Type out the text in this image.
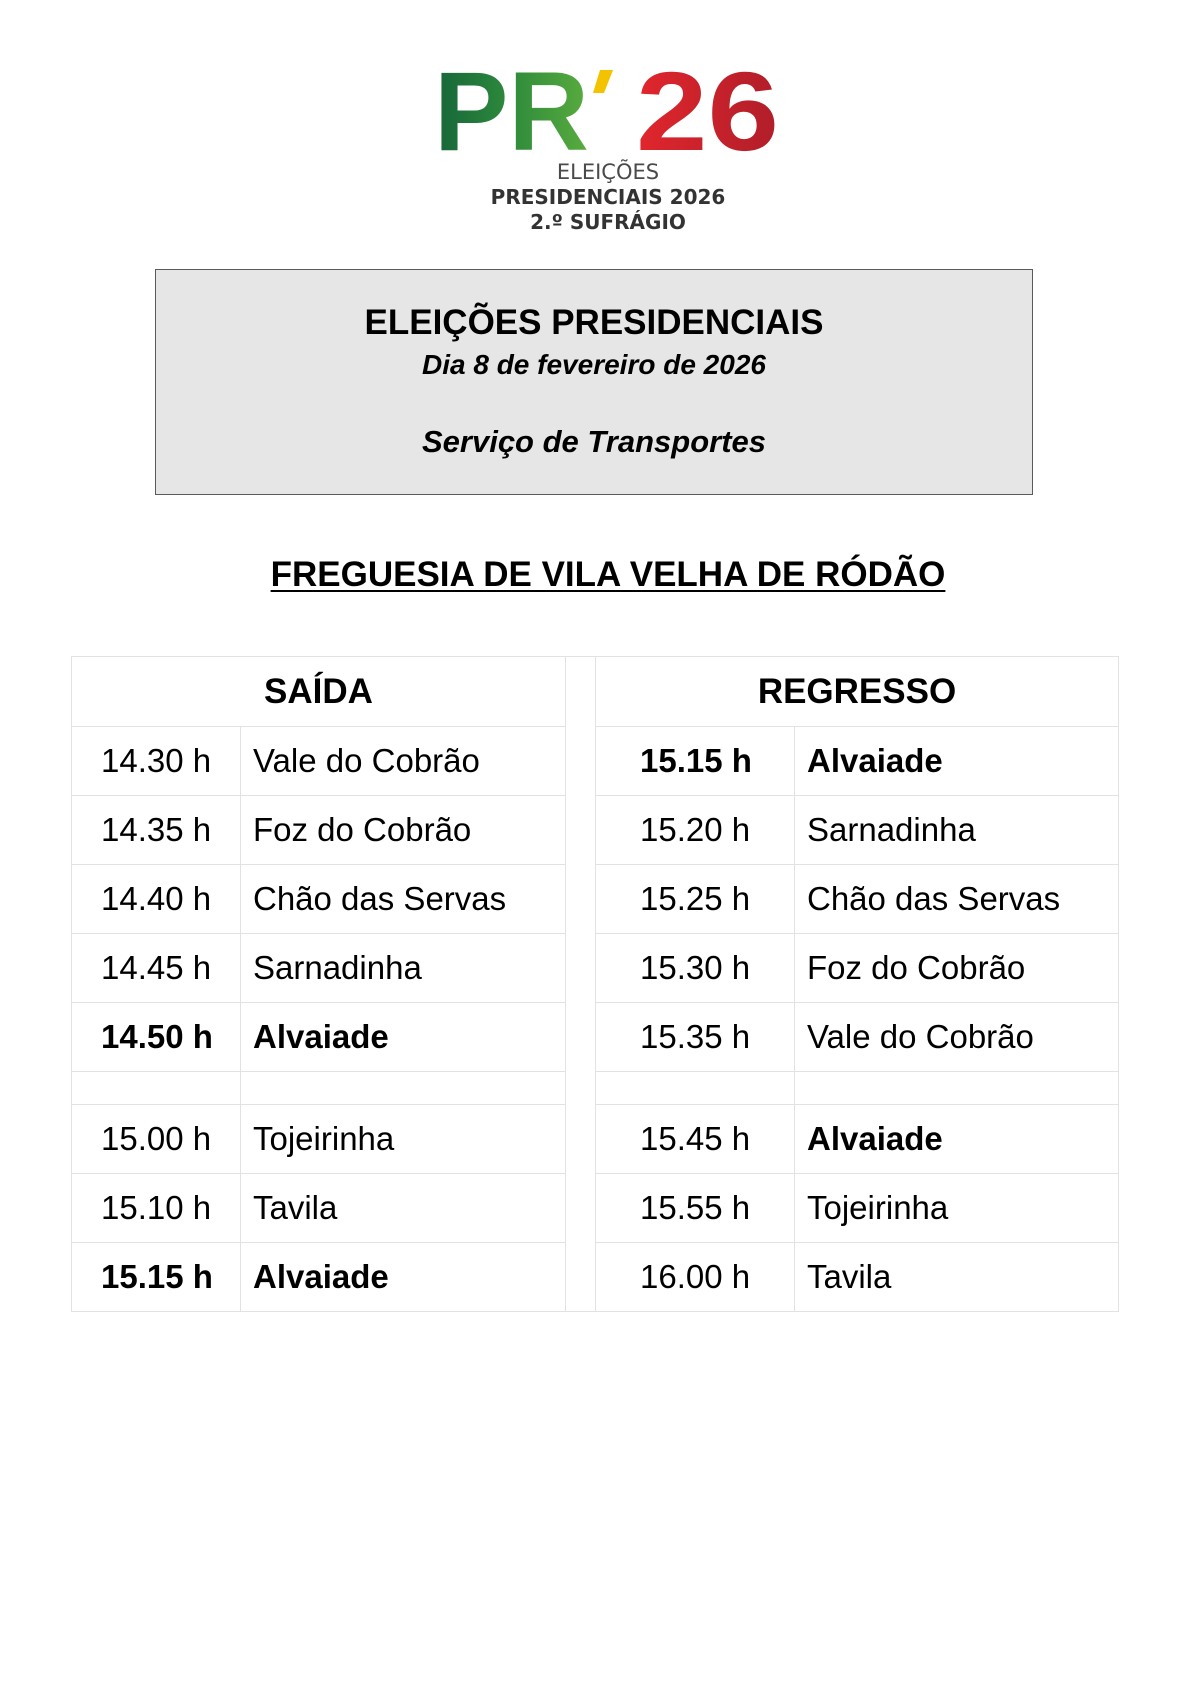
PR 26
ELEIÇÕES
PRESIDENCIAIS 2026
2.º SUFRÁGIO
ELEIÇÕES PRESIDENCIAIS
Dia 8 de fevereiro de 2026
Serviço de Transportes
FREGUESIA DE VILA VELHA DE RÓDÃO
SAÍDA			REGRESSO	
14.30 h	Vale do Cobrão		15.15 h	Alvaiade
14.35 h	Foz do Cobrão		15.20 h	Sarnadinha
14.40 h	Chão das Servas		15.25 h	Chão das Servas
14.45 h	Sarnadinha		15.30 h	Foz do Cobrão
14.50 h	Alvaiade		15.35 h	Vale do Cobrão

15.00 h	Tojeirinha		15.45 h	Alvaiade
15.10 h	Tavila		15.55 h	Tojeirinha
15.15 h	Alvaiade		16.00 h	Tavila
